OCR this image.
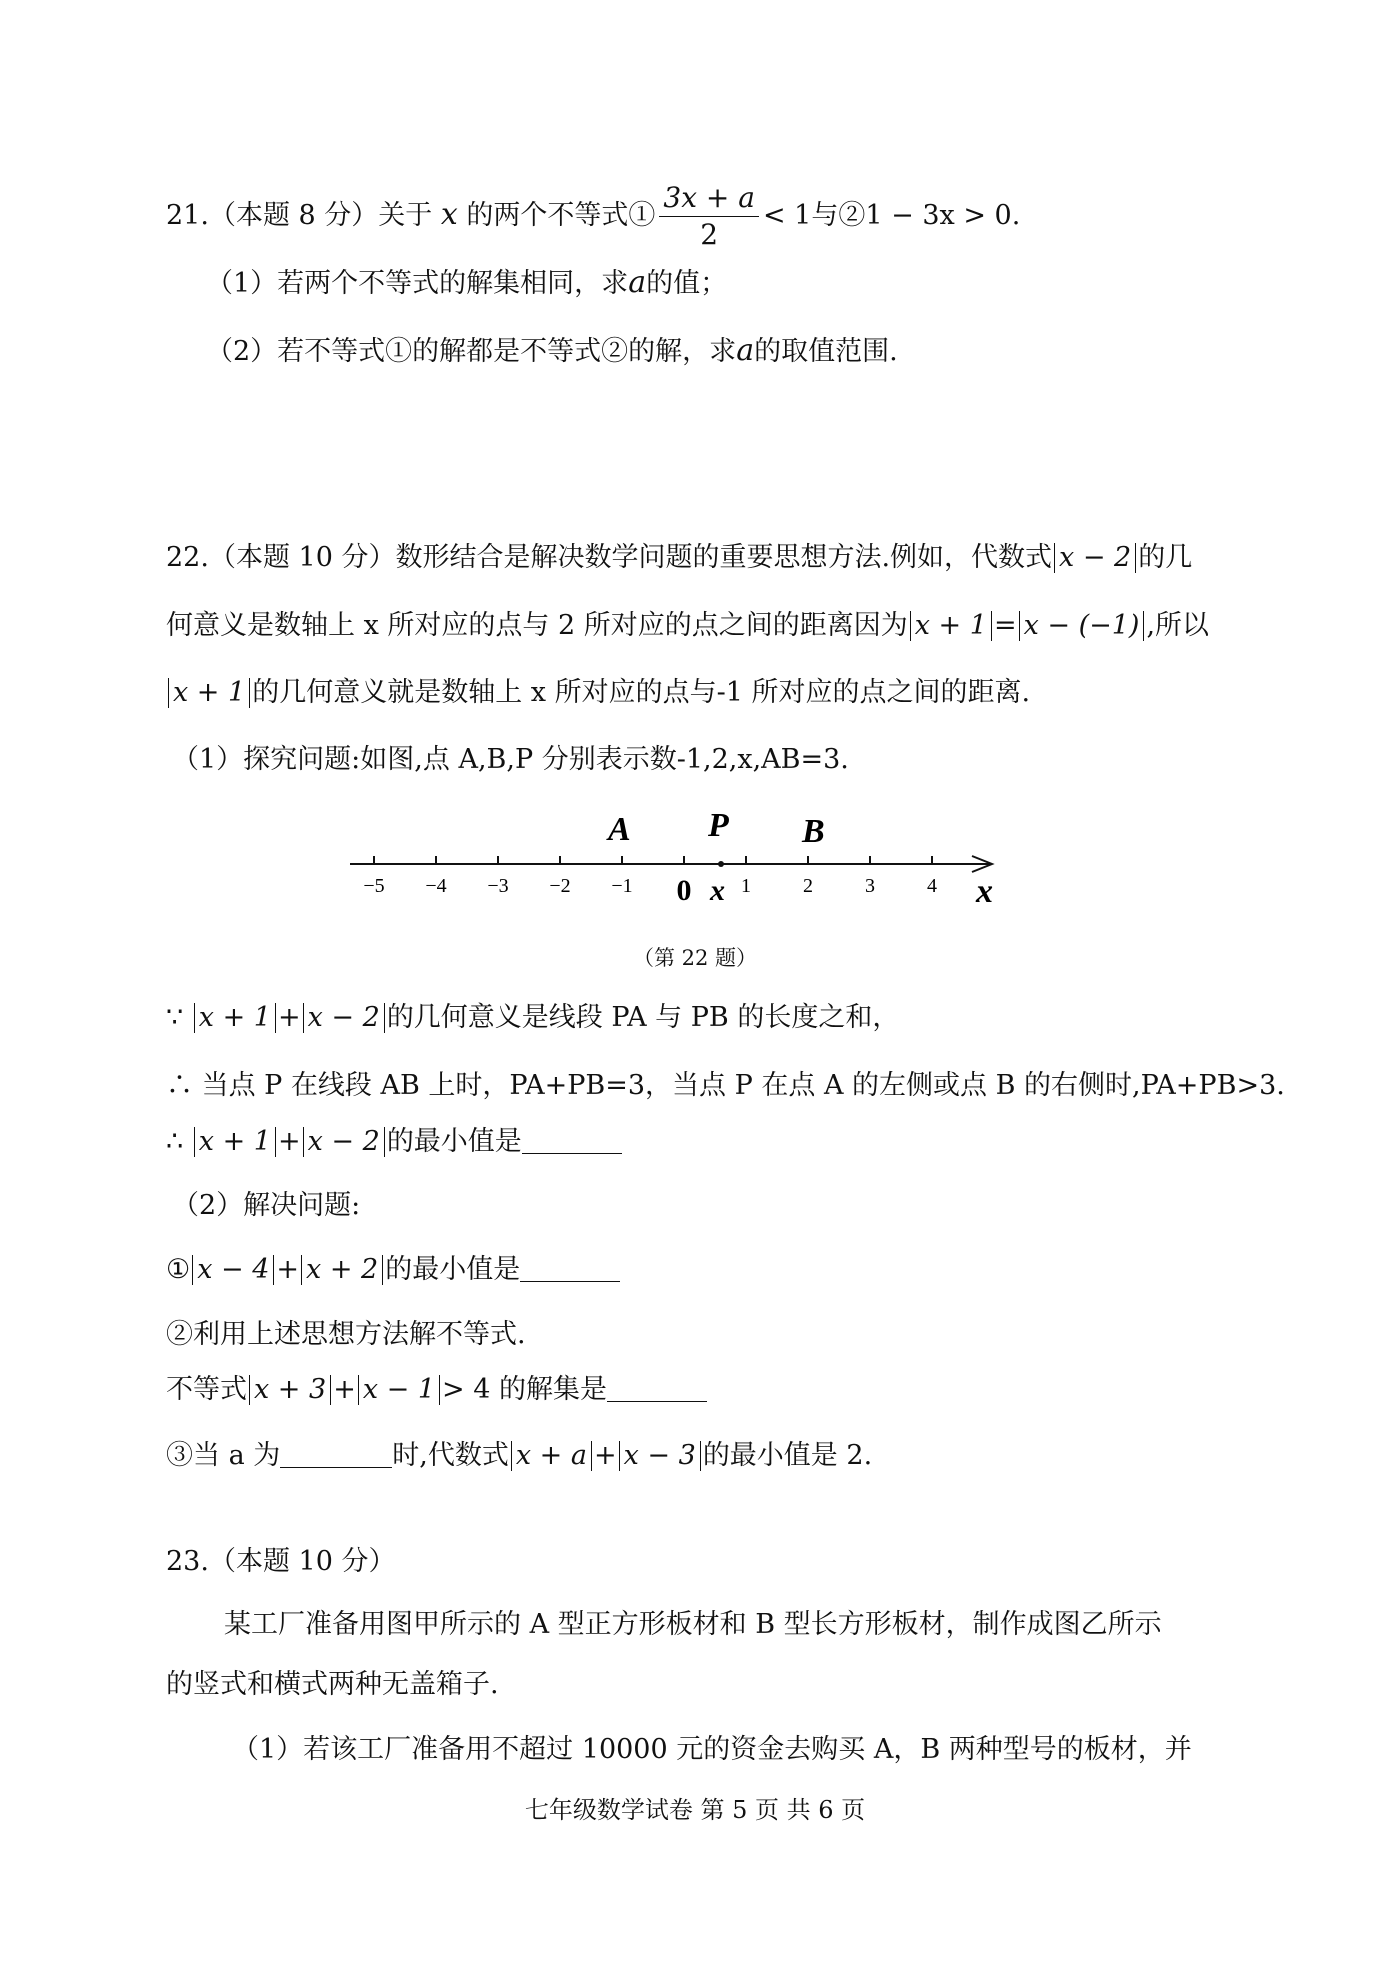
21.（本题 8 分）关于 x 的两个不等式① $\frac{3x + a}{2} < 1$与②1 − 3x > 0.
（1）若两个不等式的解集相同，求a的值；
（2）若不等式①的解都是不等式②的解，求a的取值范围.
22.（本题 10 分）数形结合是解决数学问题的重要思想方法.例如，代数式 x − 2 的几
何意义是数轴上 x 所对应的点与 2 所对应的点之间的距离因为 x + 1 = x − (−1) ,所以
x + 1 的几何意义就是数轴上 x 所对应的点与-1 所对应的点之间的距离.
（1）探究问题:如图,点 A,B,P 分别表示数-1,2,x,AB=3.
−5 −4 −3 −2 −1 0 1	2	3	4
A P B
x	x
（第 22 题）
∵ x + 1 + x − 2 的几何意义是线段 PA 与 PB 的长度之和，
∴ 当点 P 在线段 AB 上时，PA+PB=3，当点 P 在点 A 的左侧或点 B 的右侧时,PA+PB>3.
∴ x + 1 + x − 2 的最小值是
（2）解决问题:
① x − 4 + x + 2 的最小值是
②利用上述思想方法解不等式.
不等式 x + 3 + x − 1 > 4 的解集是
③当 a 为	时,代数式 x + a + x − 3 的最小值是 2.
23.（本题 10 分）
某工厂准备用图甲所示的 A 型正方形板材和 B 型长方形板材，制作成图乙所示
的竖式和横式两种无盖箱子.
（1）若该工厂准备用不超过 10000 元的资金去购买 A，B 两种型号的板材，并
七年级数学试卷 第 5 页 共 6 页
